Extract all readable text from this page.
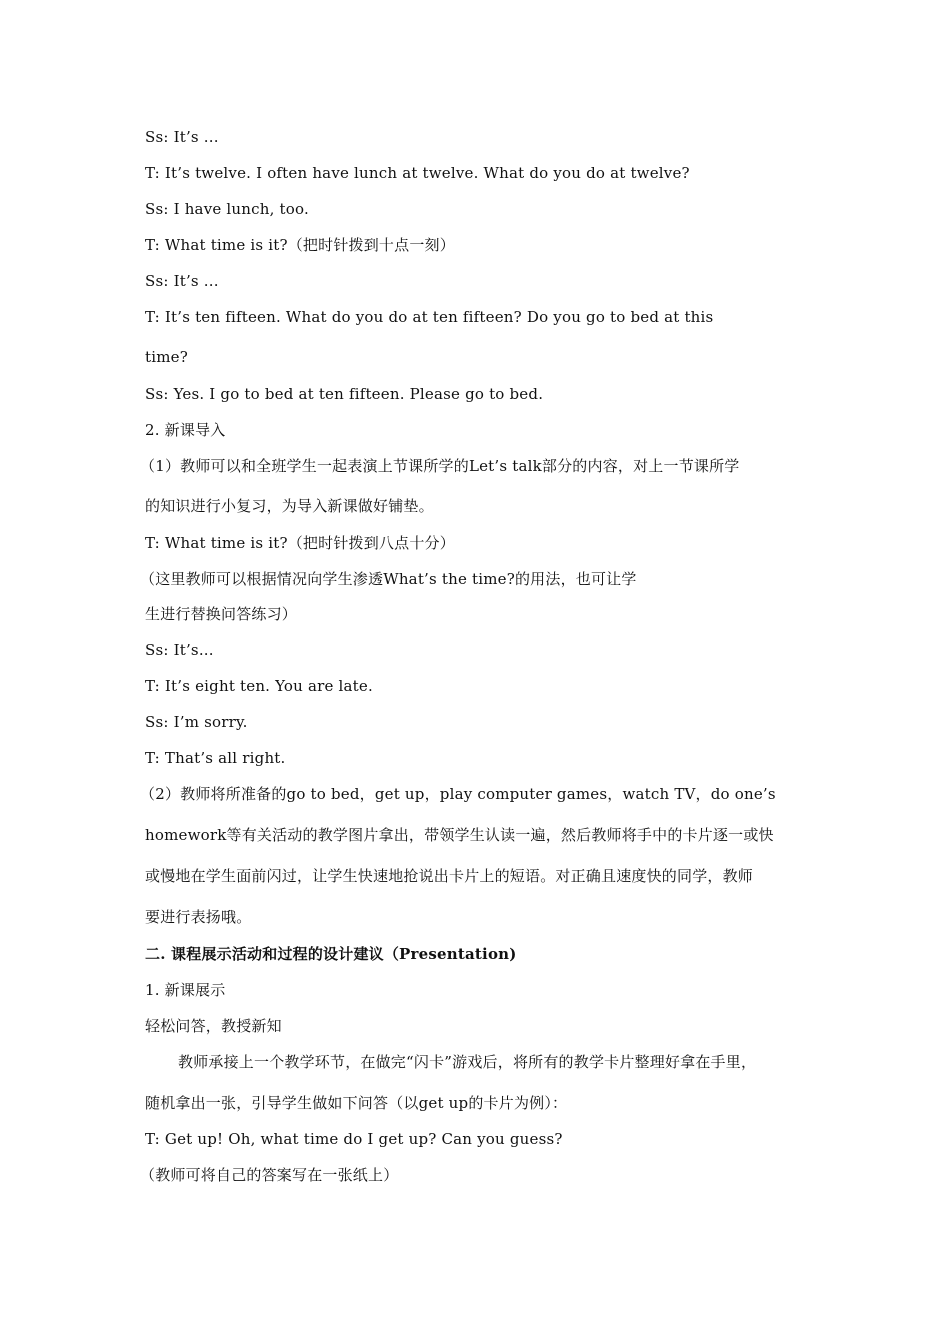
Ss: It’s ...
T: It’s twelve. I often have lunch at twelve. What do you do at twelve?
Ss: I have lunch, too.
T: What time is it?（把时针拨到十点一刻）
Ss: It’s ...
T: It’s ten fifteen. What do you do at ten fifteen? Do you go to bed at this
time?
Ss: Yes. I go to bed at ten fifteen. Please go to bed.
2. 新课导入
（1）教师可以和全班学生一起表演上节课所学的Let’s talk部分的内容，对上一节课所学
的知识进行小复习，为导入新课做好铺垫。
T: What time is it?（把时针拨到八点十分）
（这里教师可以根据情况向学生渗透What’s the time?的用法，也可让学
生进行替换问答练习）
Ss: It’s...
T: It’s eight ten. You are late.
Ss: I’m sorry.
T: That’s all right.
（2）教师将所准备的go to bed，get up，play computer games，watch TV，do one’s
homework等有关活动的教学图片拿出，带领学生认读一遍，然后教师将手中的卡片逐一或快
或慢地在学生面前闪过，让学生快速地抢说出卡片上的短语。对正确且速度快的同学，教师
要进行表扬哦。
二. 课程展示活动和过程的设计建议（Presentation)
1. 新课展示
轻松问答，教授新知
教师承接上一个教学环节，在做完“闪卡”游戏后，将所有的教学卡片整理好拿在手里，
随机拿出一张，引导学生做如下问答（以get up的卡片为例）：
T: Get up! Oh, what time do I get up? Can you guess?
（教师可将自己的答案写在一张纸上）
